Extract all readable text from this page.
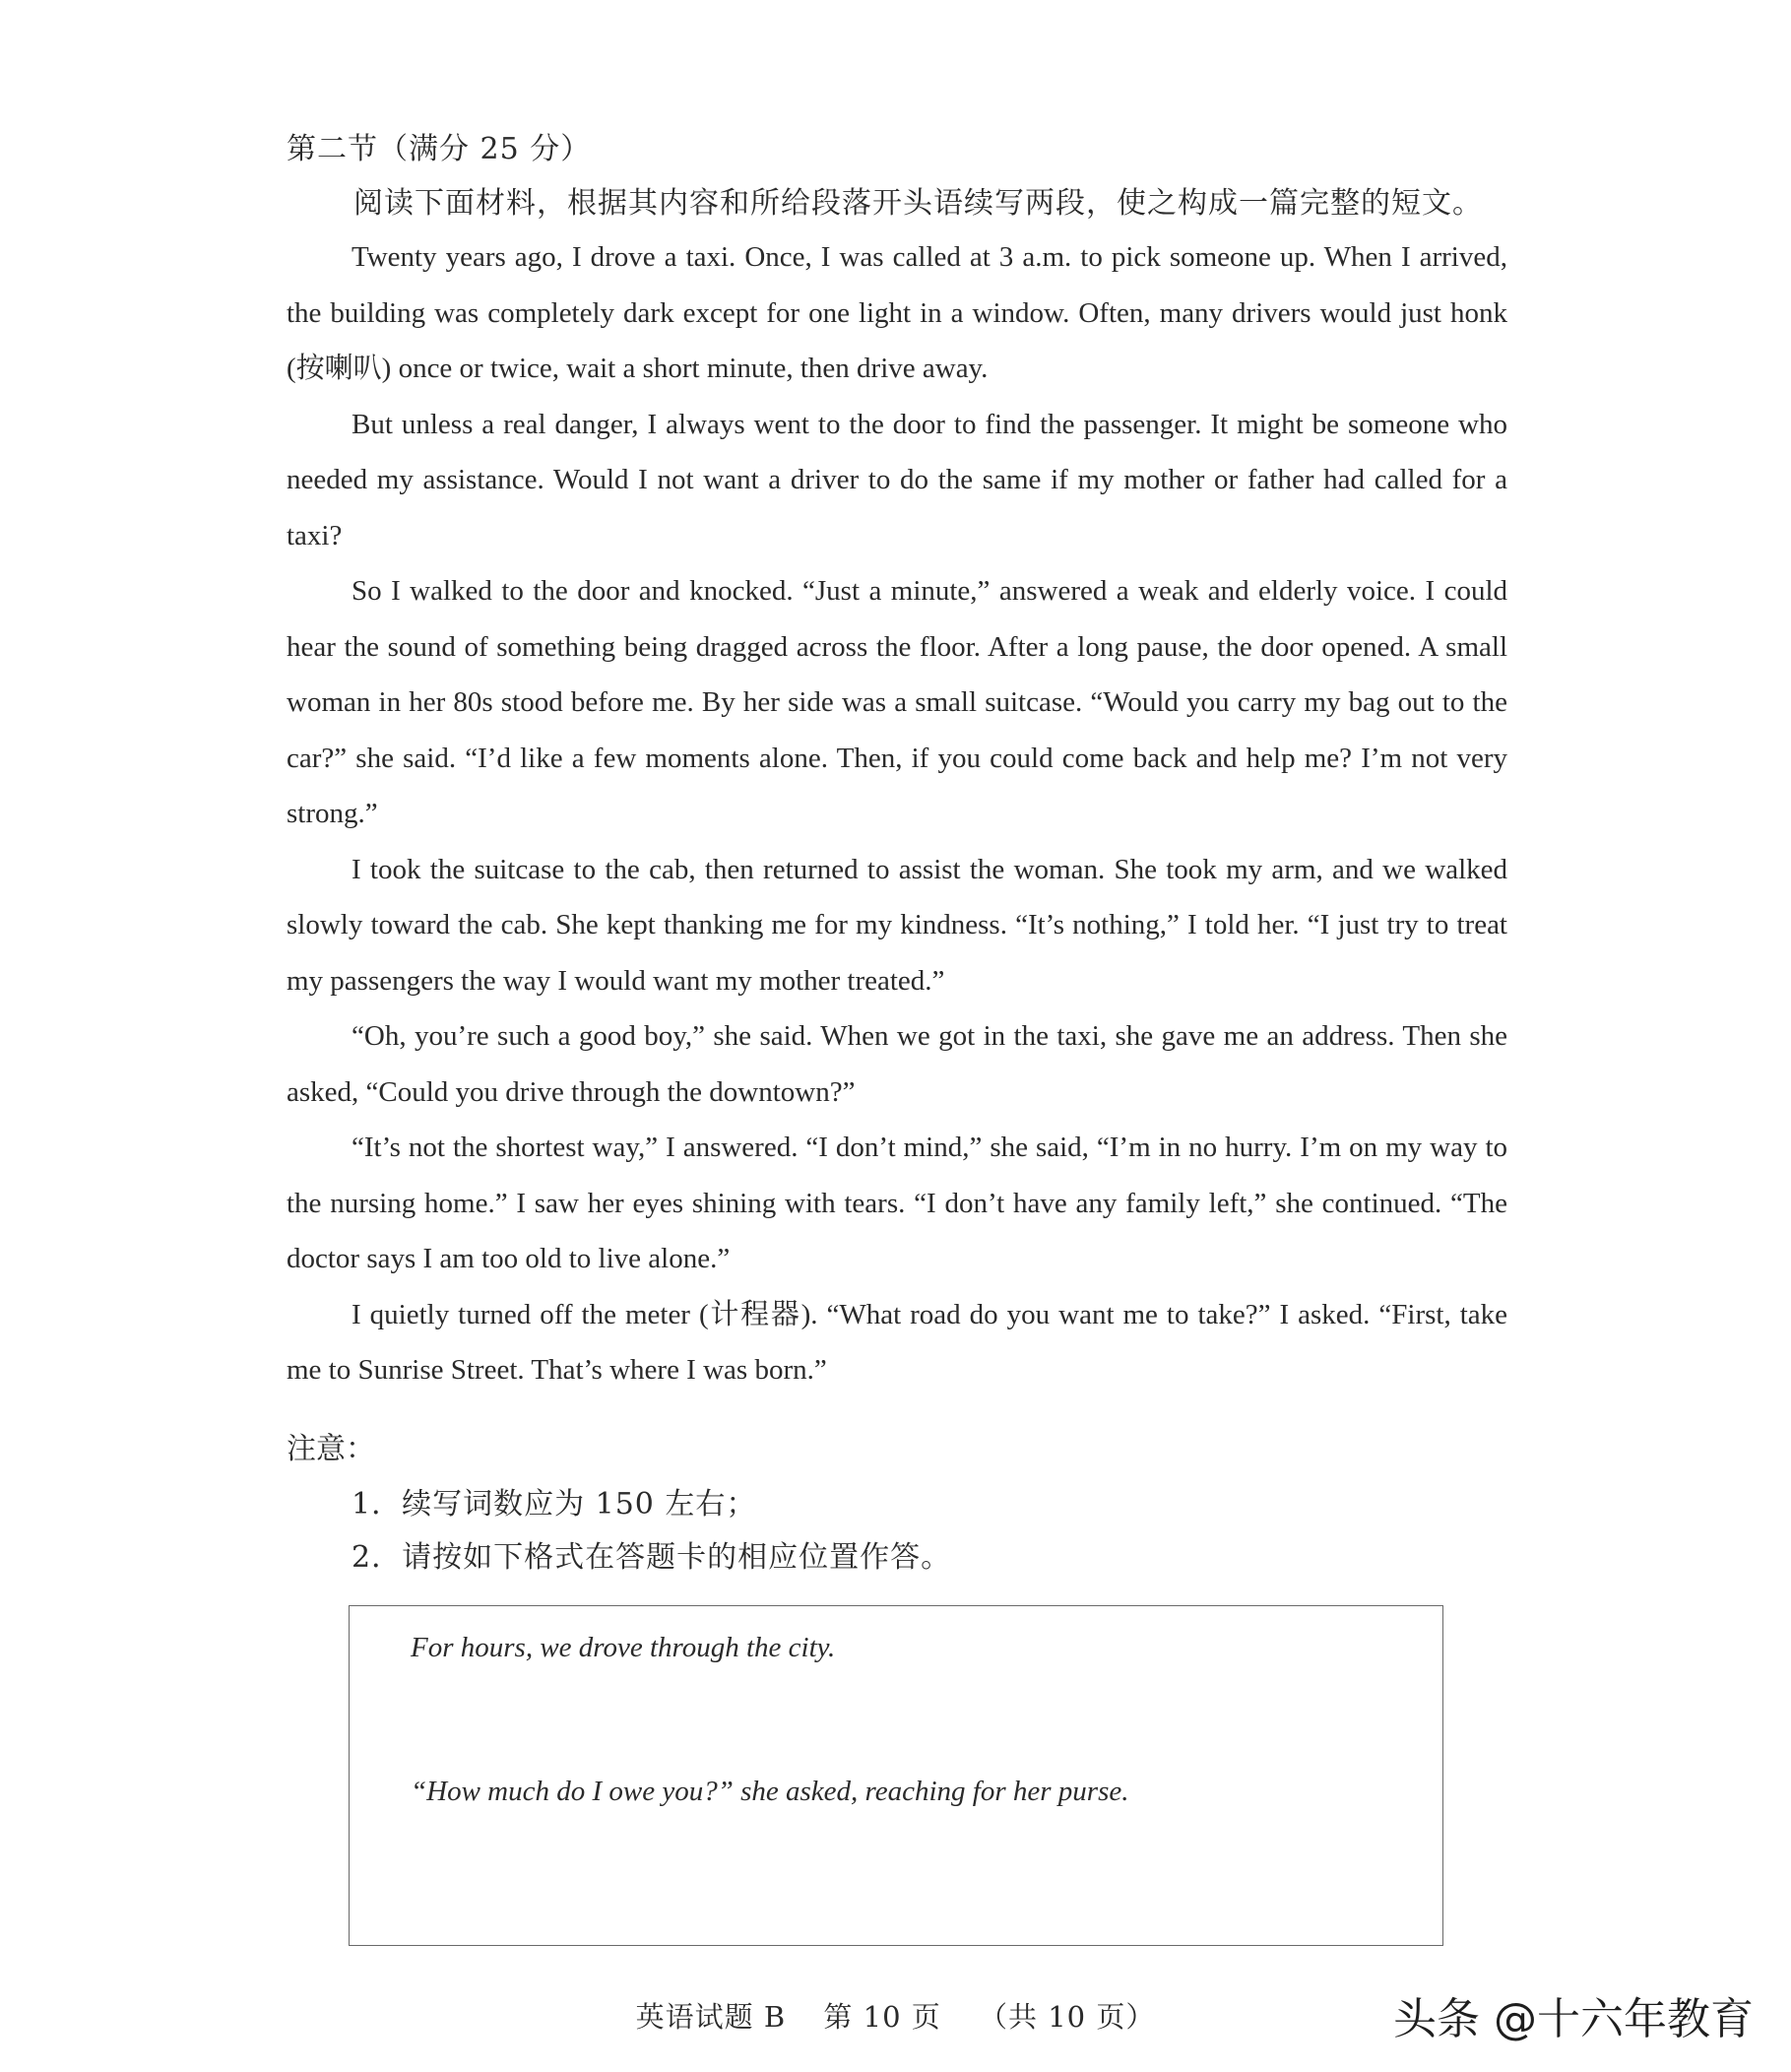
第二节（满分 25 分）
阅读下面材料，根据其内容和所给段落开头语续写两段，使之构成一篇完整的短文。

Twenty years ago, I drove a taxi. Once, I was called at 3 a.m. to pick someone up. When I arrived, the building was completely dark except for one light in a window. Often, many drivers would just honk (按喇叭) once or twice, wait a short minute, then drive away.

But unless a real danger, I always went to the door to find the passenger. It might be someone who needed my assistance. Would I not want a driver to do the same if my mother or father had called for a taxi?

So I walked to the door and knocked. “Just a minute,” answered a weak and elderly voice. I could hear the sound of something being dragged across the floor. After a long pause, the door opened. A small woman in her 80s stood before me. By her side was a small suitcase. “Would you carry my bag out to the car?” she said. “I’d like a few moments alone. Then, if you could come back and help me? I’m not very strong.”

I took the suitcase to the cab, then returned to assist the woman. She took my arm, and we walked slowly toward the cab. She kept thanking me for my kindness. “It’s nothing,” I told her. “I just try to treat my passengers the way I would want my mother treated.”

“Oh, you’re such a good boy,” she said. When we got in the taxi, she gave me an address. Then she asked, “Could you drive through the downtown?”

“It’s not the shortest way,” I answered. “I don’t mind,” she said, “I’m in no hurry. I’m on my way to the nursing home.” I saw her eyes shining with tears. “I don’t have any family left,” she continued. “The doctor says I am too old to live alone.”

I quietly turned off the meter (计程器). “What road do you want me to take?” I asked. “First, take me to Sunrise Street. That’s where I was born.”

注意：
1．续写词数应为 150 左右；
2．请按如下格式在答题卡的相应位置作答。
For hours, we drove through the city.
“How much do I owe you?” she asked, reaching for her purse.
英语试题 B 第 10 页 （共 10 页）	头条 @十六年教育
